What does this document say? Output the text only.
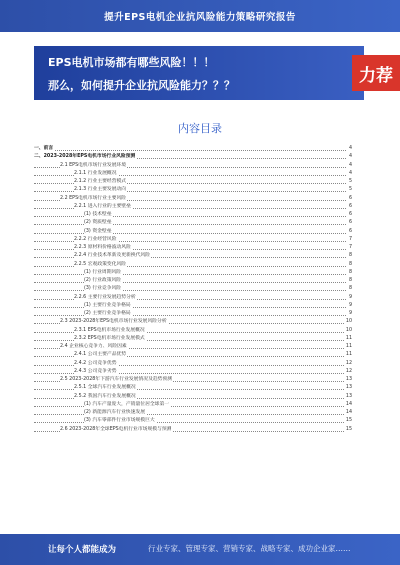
提升EPS电机企业抗风险能力策略研究报告
EPS电机市场都有哪些风险！！！
那么，如何提升企业抗风险能力？？？	力荐
内容目录
一、前言	4
二、2023-2028年EPS电机市场行业风险预测	4
2.1 EPS电机市场行业发展环境	4
2.1.1 行业发展概况	4
2.1.2 行业主要经营模式	5
2.1.3 行业主要发展动向	5
2.2 EPS电机市场行业主要风险	6
2.2.1 进入行业的主要壁垒	6
(1) 技术壁垒	6
(2) 资质壁垒	6
(3) 资金壁垒	6
2.2.2 行业经营风险	7
2.2.3 原材料价格波动风险	7
2.2.4 行业技术革新及更新换代风险	8
2.2.5 宏观政策变化风险	8
(1) 行业周期风险	8
(2) 行业政策风险	8
(3) 行业竞争风险	8
2.2.6 主要行业发展趋势分析	9
(1) 主要行业竞争格局	9
(2) 主要行业竞争格局	9
2.3 2023-2028年EPS电机市场行业发展风险分析	10
2.3.1 EPS电机市场行业发展概况	10
2.3.2 EPS电机市场行业发展模式	11
2.4 企业核心竞争力、风险因素	11
2.4.1 公司主要产品优势	11
2.4.2 公司竞争优势	12
2.4.3 公司竞争劣势	12
2.5 2023-2028年下游汽车行业发展情况及趋势预测	13
2.5.1 全球汽车行业发展概况	13
2.5.2 我国汽车行业发展概况	13
(1) 汽车产量庞大，产销量位居全球第一	14
(2) 新能源汽车行业快速发展	14
(3) 汽车零部件行业市场规模巨大	15
2.6 2023-2028年全球EPS电机行业市场规模与预测	15
让每个人都能成为	行业专家、管理专家、营销专家、战略专家、成功企业家……
